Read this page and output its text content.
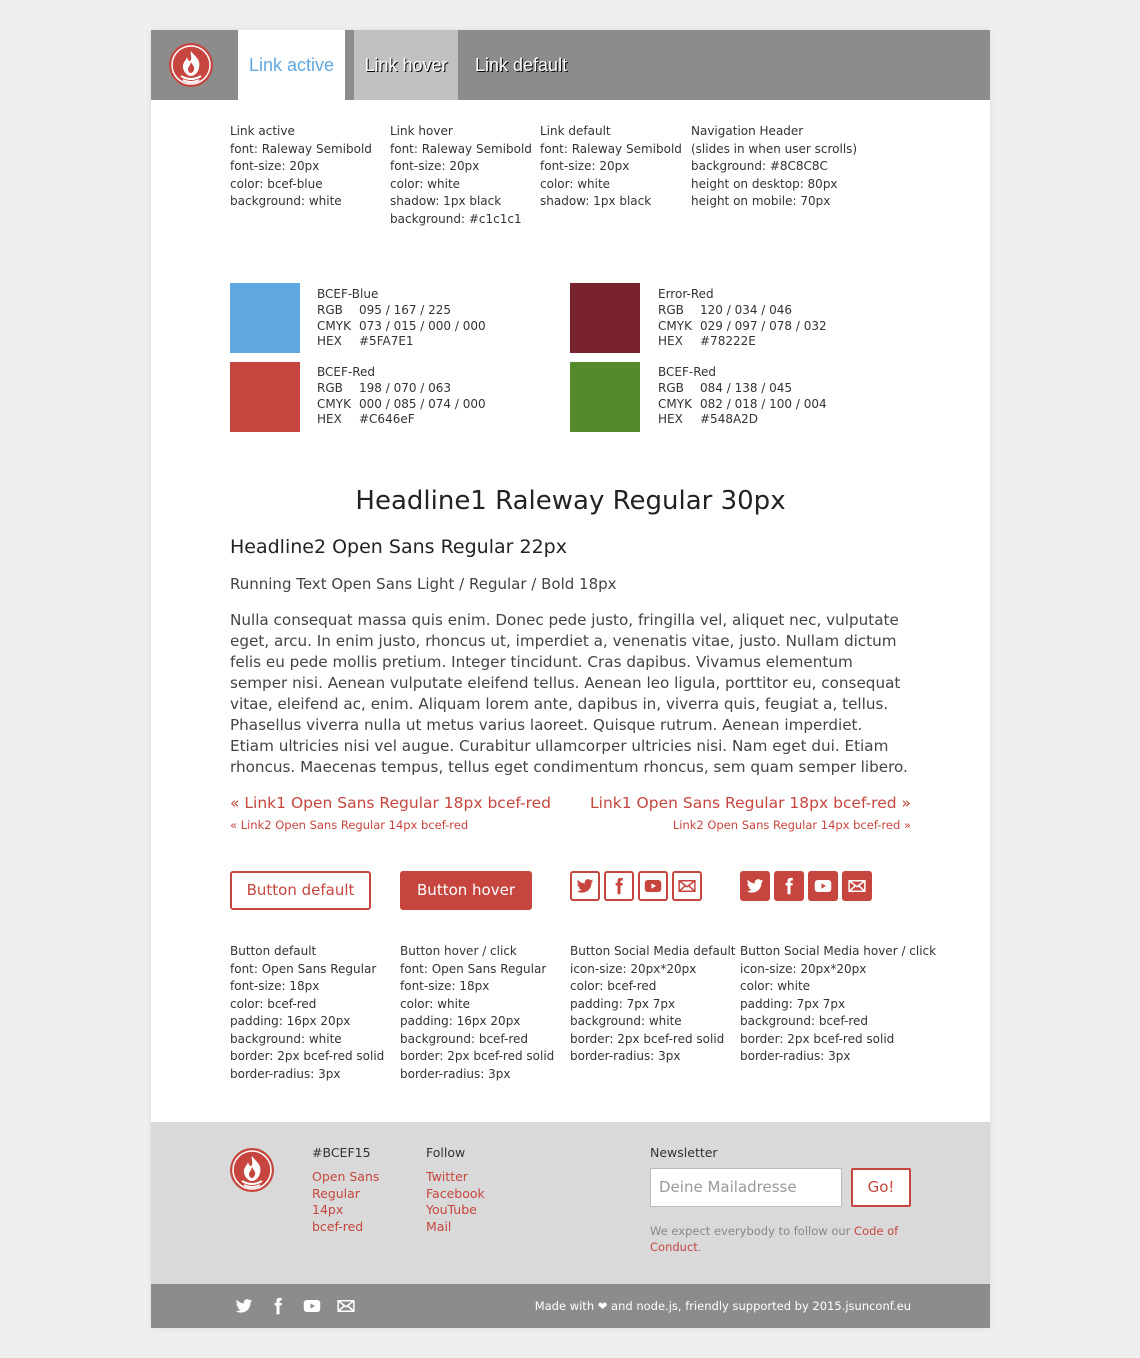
Link active	Link hover	Link default
Link active
font: Raleway Semibold
font-size: 20px
color: bcef-blue
background: white
Link hover
font: Raleway Semibold
font-size: 20px
color: white
shadow: 1px black
background: #c1c1c1
Link default
font: Raleway Semibold
font-size: 20px
color: white
shadow: 1px black
Navigation Header
(slides in when user scrolls)
background: #8C8C8C
height on desktop: 80px
height on mobile: 70px
BCEF-Blue
RGB 095 / 167 / 225
CMYK 073 / 015 / 000 / 000
HEX #5FA7E1
Error-Red
RGB 120 / 034 / 046
CMYK 029 / 097 / 078 / 032
HEX #78222E
BCEF-Red
RGB 198 / 070 / 063
CMYK 000 / 085 / 074 / 000
HEX #C646eF
BCEF-Red
RGB 084 / 138 / 045
CMYK 082 / 018 / 100 / 004
HEX #548A2D
Headline1 Raleway Regular 30px
Headline2 Open Sans Regular 22px
Running Text Open Sans Light / Regular / Bold 18px

Nulla consequat massa quis enim. Donec pede justo, fringilla vel, aliquet nec, vulputate eget, arcu. In enim justo, rhoncus ut, imperdiet a, venenatis vitae, justo. Nullam dictum felis eu pede mollis pretium. Integer tincidunt. Cras dapibus. Vivamus elementum semper nisi. Aenean vulputate eleifend tellus. Aenean leo ligula, porttitor eu, consequat vitae, eleifend ac, enim. Aliquam lorem ante, dapibus in, viverra quis, feugiat a, tellus. Phasellus viverra nulla ut metus varius laoreet. Quisque rutrum. Aenean imperdiet. Etiam ultricies nisi vel augue. Curabitur ullamcorper ultricies nisi. Nam eget dui. Etiam rhoncus. Maecenas tempus, tellus eget condimentum rhoncus, sem quam semper libero.

« Link1 Open Sans Regular 18px bcef-red
« Link2 Open Sans Regular 14px bcef-red
Link1 Open Sans Regular 18px bcef-red »
Link2 Open Sans Regular 14px bcef-red »
Button default	Button hover
Button default
font: Open Sans Regular
font-size: 18px
color: bcef-red
padding: 16px 20px
background: white
border: 2px bcef-red solid
border-radius: 3px
Button hover / click
font: Open Sans Regular
font-size: 18px
color: white
padding: 16px 20px
background: bcef-red
border: 2px bcef-red solid
border-radius: 3px
Button Social Media default
icon-size: 20px*20px
color: bcef-red
padding: 7px 7px
background: white
border: 2px bcef-red solid
border-radius: 3px
Button Social Media hover / click
icon-size: 20px*20px
color: white
padding: 7px 7px
background: bcef-red
border: 2px bcef-red solid
border-radius: 3px
#BCEF15
Open Sans
Regular
14px
bcef-red
Follow
Twitter
Facebook
YouTube
Mail
Newsletter
Deine Mailadresse	Go!
We expect everybody to follow our Code of Conduct.
Made with ❤ and node.js, friendly supported by 2015.jsunconf.eu
